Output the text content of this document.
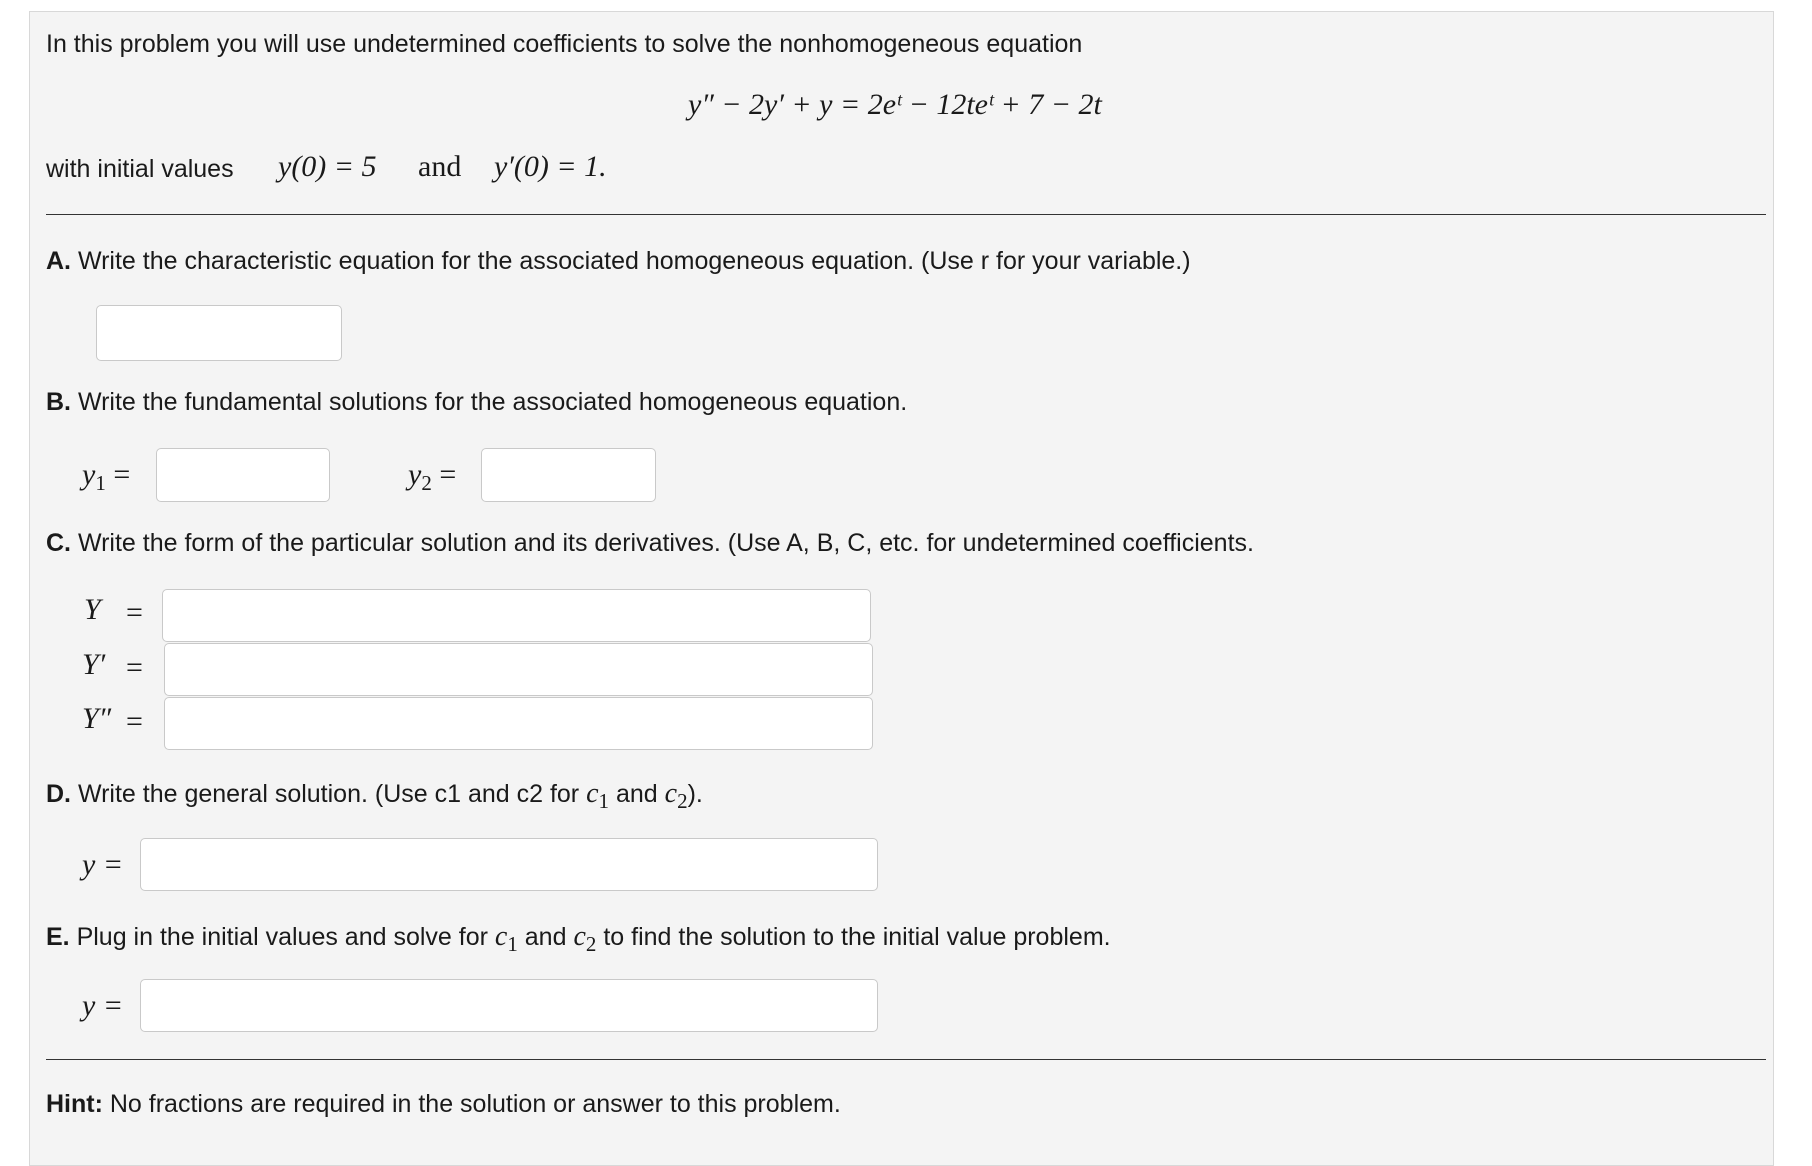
In this problem you will use undetermined coefficients to solve the nonhomogeneous equation
y″ − 2y′ + y = 2eᵗ − 12teᵗ + 7 − 2t
with initial values y(0) = 5 and y′(0) = 1.
A. Write the characteristic equation for the associated homogeneous equation. (Use r for your variable.)
B. Write the fundamental solutions for the associated homogeneous equation.
$y_1$ =	$y_2$ =
C. Write the form of the particular solution and its derivatives. (Use A, B, C, etc. for undetermined coefficients.
Y =
Y′ =
Y″ =
D. Write the general solution. (Use c1 and c2 for $c_1$ and $c_2$).
y =
E. Plug in the initial values and solve for $c_1$ and $c_2$ to find the solution to the initial value problem.
y =
Hint: No fractions are required in the solution or answer to this problem.
